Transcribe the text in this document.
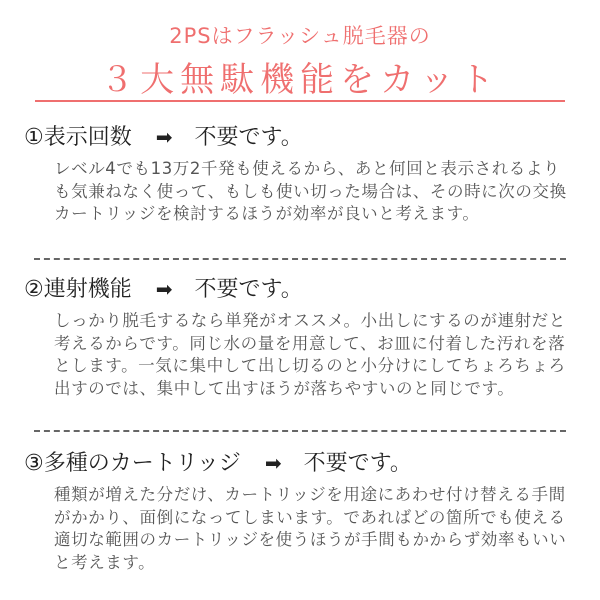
2PSはフラッシュ脱毛器の
３大無駄機能をカット
①表示回数 ➡ 不要です。
レベル4でも13万2千発も使えるから、あと何回と表示されるよりも気兼ねなく使って、もしも使い切った場合は、その時に次の交換カートリッジを検討するほうが効率が良いと考えます。
②連射機能 ➡ 不要です。
しっかり脱毛するなら単発がオススメ。小出しにするのが連射だと考えるからです。同じ水の量を用意して、お皿に付着した汚れを落とします。一気に集中して出し切るのと小分けにしてちょろちょろ出すのでは、集中して出すほうが落ちやすいのと同じです。
③多種のカートリッジ ➡ 不要です。
種類が増えた分だけ、カートリッジを用途にあわせ付け替える手間がかかり、面倒になってしまいます。であればどの箇所でも使える適切な範囲のカートリッジを使うほうが手間もかからず効率もいいと考えます。
